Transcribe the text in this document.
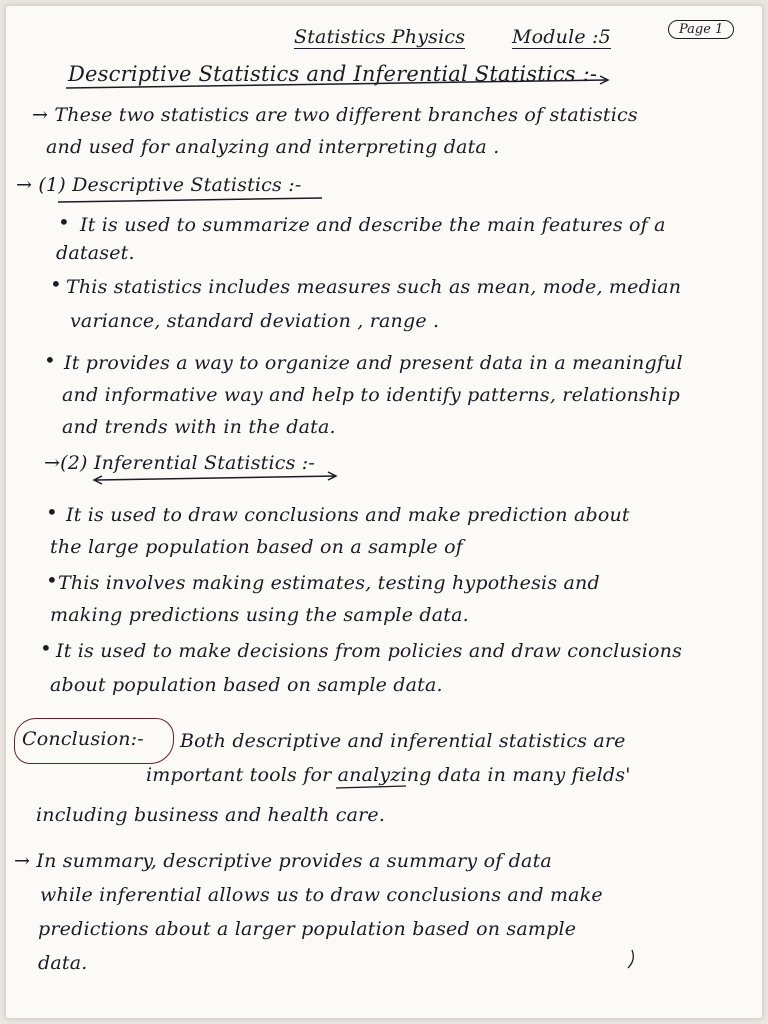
Statistics Physics Module :5	Page 1
Descriptive Statistics and Inferential Statistics :-
→ These two statistics are two different branches of statistics
and used for analyzing and interpreting data .
→ (1) Descriptive Statistics :-
• It is used to summarize and describe the main features of a
dataset.
• This statistics includes measures such as mean, mode, median
variance, standard deviation , range .
• It provides a way to organize and present data in a meaningful
and informative way and help to identify patterns, relationship
and trends with in the data.
→(2) Inferential Statistics :-
• It is used to draw conclusions and make prediction about
the large population based on a sample of
• This involves making estimates, testing hypothesis and
making predictions using the sample data.
• It is used to make decisions from policies and draw conclusions
about population based on sample data.
Conclusion:- Both descriptive and inferential statistics are
important tools for analyzing data in many fields'
including business and health care.
→ In summary, descriptive provides a summary of data
while inferential allows us to draw conclusions and make
predictions about a larger population based on sample
data.
